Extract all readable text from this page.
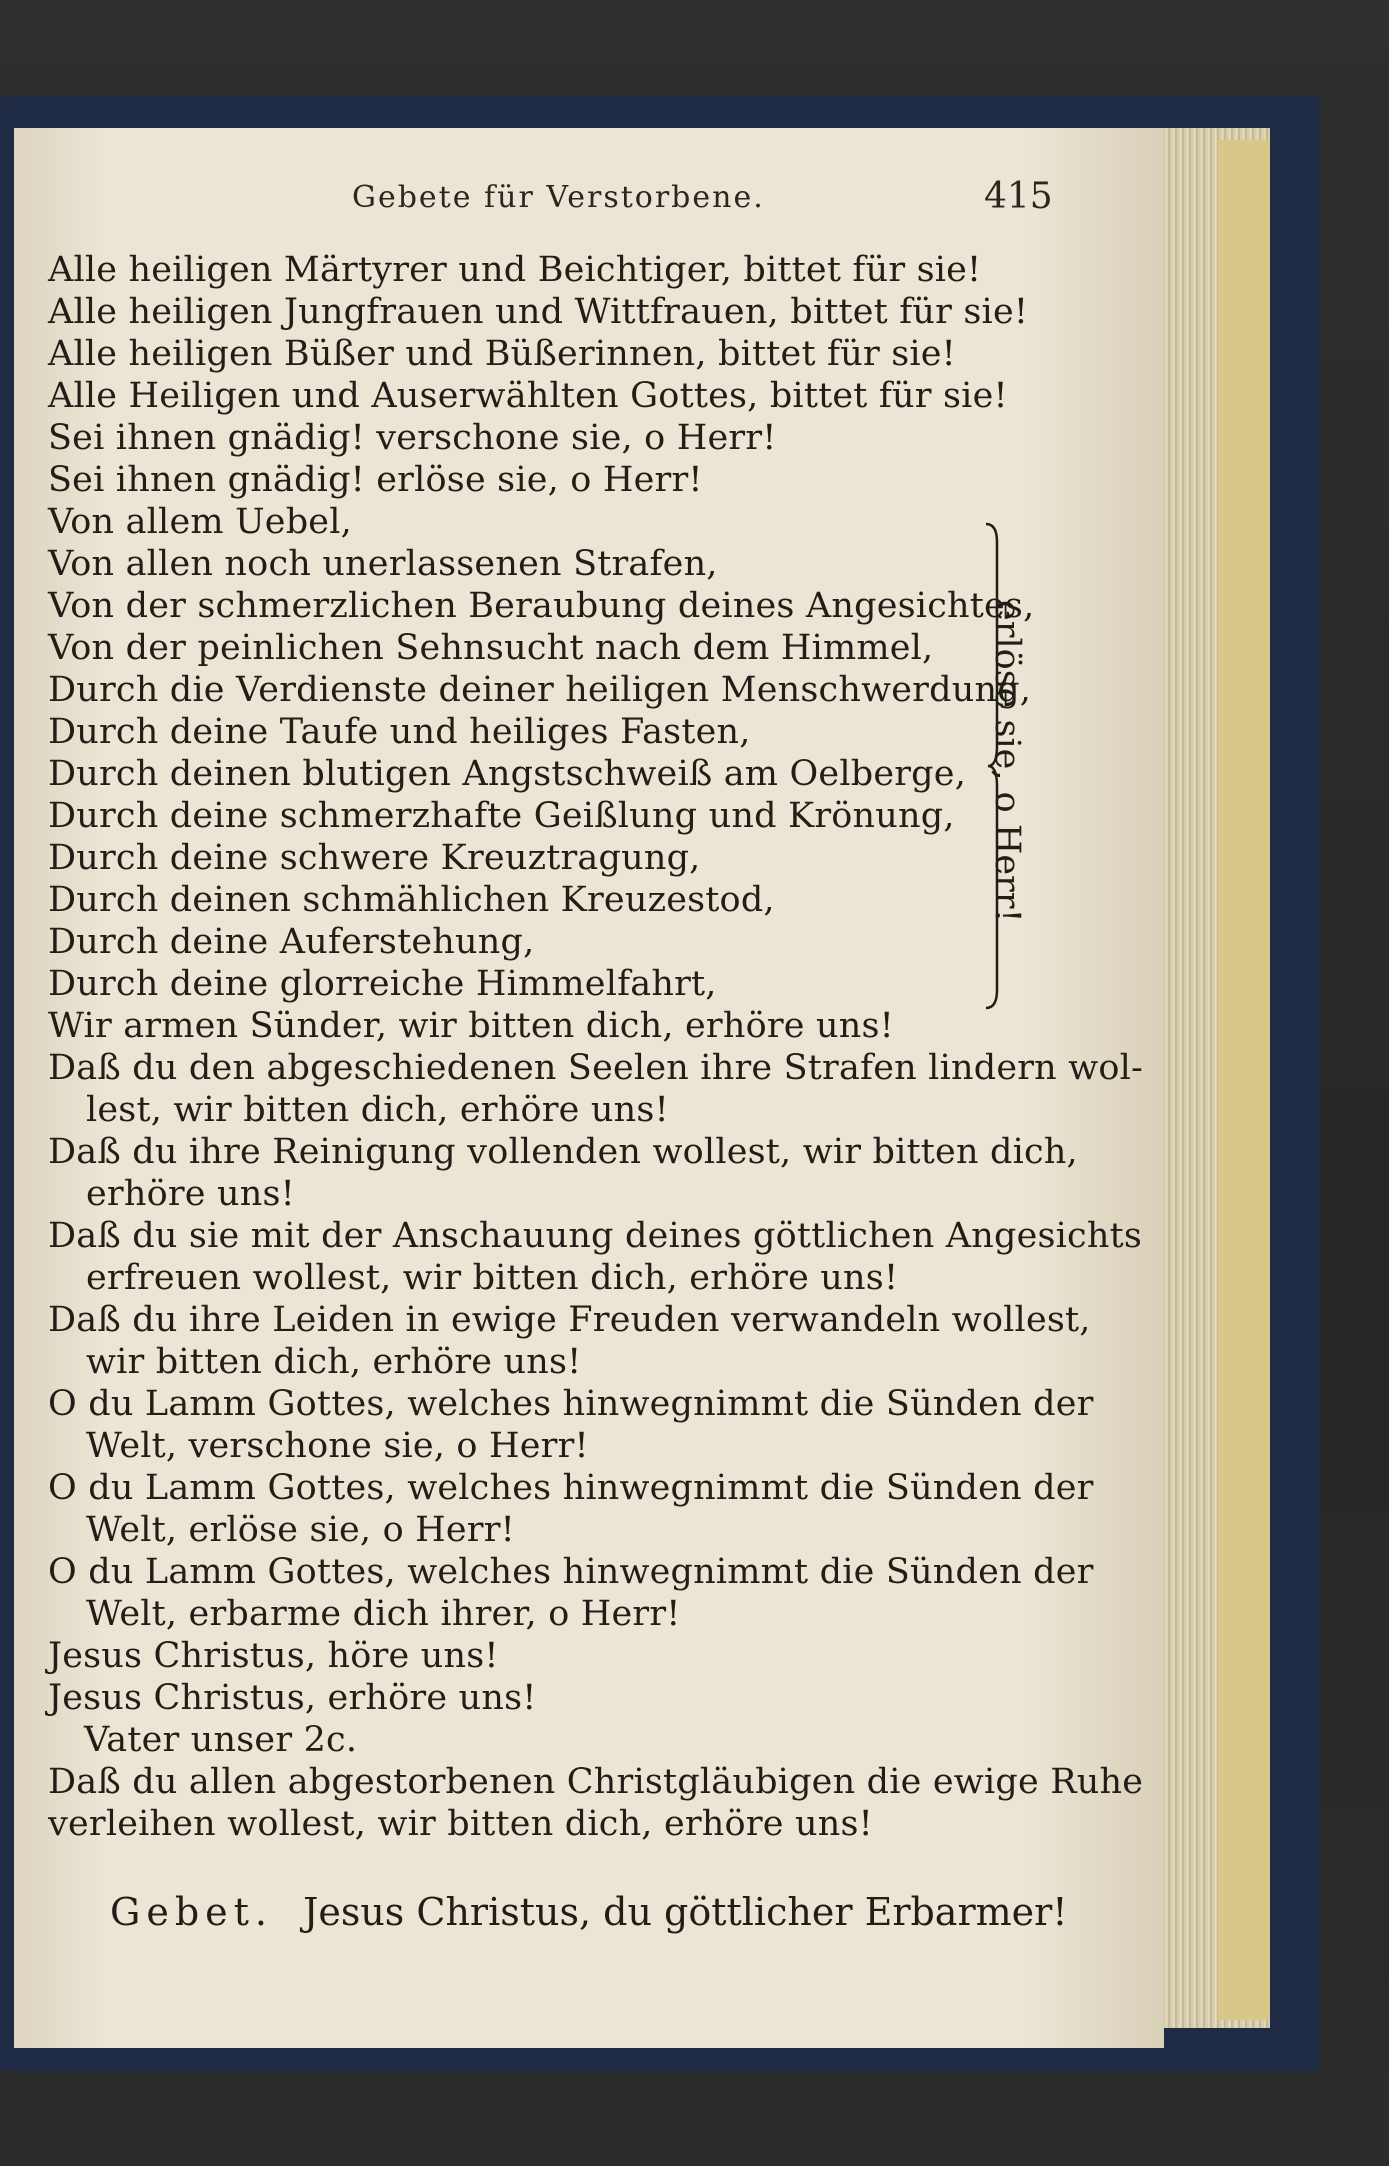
Gebete für Verstorbene.	415
Alle heiligen Märtyrer und Beichtiger, bittet für sie!
Alle heiligen Jungfrauen und Wittfrauen, bittet für sie!
Alle heiligen Büßer und Büßerinnen, bittet für sie!
Alle Heiligen und Auserwählten Gottes, bittet für sie!
Sei ihnen gnädig! verschone sie, o Herr!
Sei ihnen gnädig! erlöse sie, o Herr!
Von allem Uebel,
Von allen noch unerlassenen Strafen,
Von der schmerzlichen Beraubung deines Angesichtes,
Von der peinlichen Sehnsucht nach dem Himmel,
Durch die Verdienste deiner heiligen Menschwerdung,
Durch deine Taufe und heiliges Fasten,
Durch deinen blutigen Angstschweiß am Oelberge,
Durch deine schmerzhafte Geißlung und Krönung,
Durch deine schwere Kreuztragung,
Durch deinen schmählichen Kreuzestod,
Durch deine Auferstehung,
Durch deine glorreiche Himmelfahrt,
Wir armen Sünder, wir bitten dich, erhöre uns!
Daß du den abgeschiedenen Seelen ihre Strafen lindern wol-
lest, wir bitten dich, erhöre uns!
Daß du ihre Reinigung vollenden wollest, wir bitten dich,
erhöre uns!
Daß du sie mit der Anschauung deines göttlichen Angesichts
erfreuen wollest, wir bitten dich, erhöre uns!
Daß du ihre Leiden in ewige Freuden verwandeln wollest,
wir bitten dich, erhöre uns!
O du Lamm Gottes, welches hinwegnimmt die Sünden der
Welt, verschone sie, o Herr!
O du Lamm Gottes, welches hinwegnimmt die Sünden der
Welt, erlöse sie, o Herr!
O du Lamm Gottes, welches hinwegnimmt die Sünden der
Welt, erbarme dich ihrer, o Herr!
Jesus Christus, höre uns!
Jesus Christus, erhöre uns!
Vater unser 2c.
Daß du allen abgestorbenen Christgläubigen die ewige Ruhe
verleihen wollest, wir bitten dich, erhöre uns!
erlöse sie, o Herr!
Gebet. Jesus Christus, du göttlicher Erbarmer!
